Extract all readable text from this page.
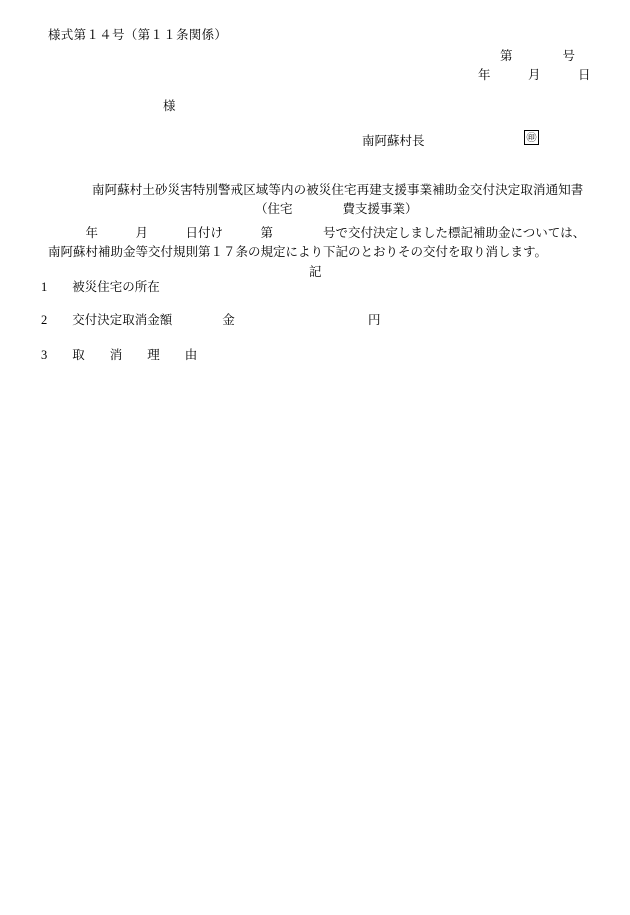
様式第１４号（第１１条関係）
第　　　　号
年　　　月　　　日
様
南阿蘇村長	㊞
南阿蘇村土砂災害特別警戒区域等内の被災住宅再建支援事業補助金交付決定取消通知書
（住宅　　　　費支援事業）
　　　年　　　月　　　日付け　　　第　　　　号で交付決定しました標記補助金については、南阿蘇村補助金等交付規則第１７条の規定により下記のとおりその交付を取り消します。
記
1　　被災住宅の所在
2　　交付決定取消金額　　　　金	円
3　　取　　消　　理　　由
